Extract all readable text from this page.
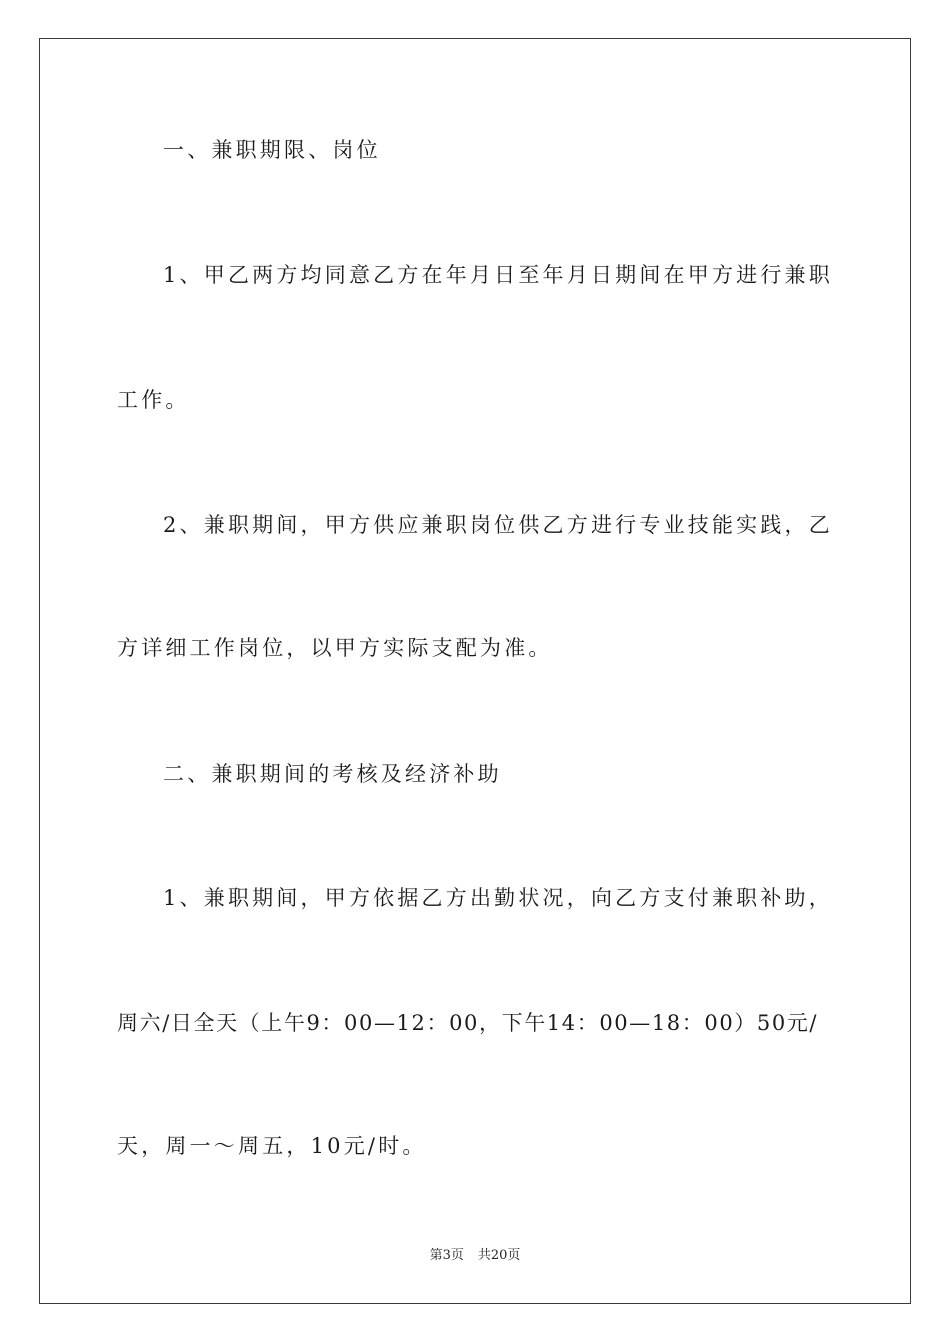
一、兼职期限、岗位
1、甲乙两方均同意乙方在年月日至年月日期间在甲方进行兼职
工作。
2、兼职期间，甲方供应兼职岗位供乙方进行专业技能实践，乙
方详细工作岗位，以甲方实际支配为准。
二、兼职期间的考核及经济补助
1、兼职期间，甲方依据乙方出勤状况，向乙方支付兼职补助，
周六/日全天（上午9：00—12：00，下午14：00—18：00）50元/
天，周一～周五，10元/时。
第3页 共20页
